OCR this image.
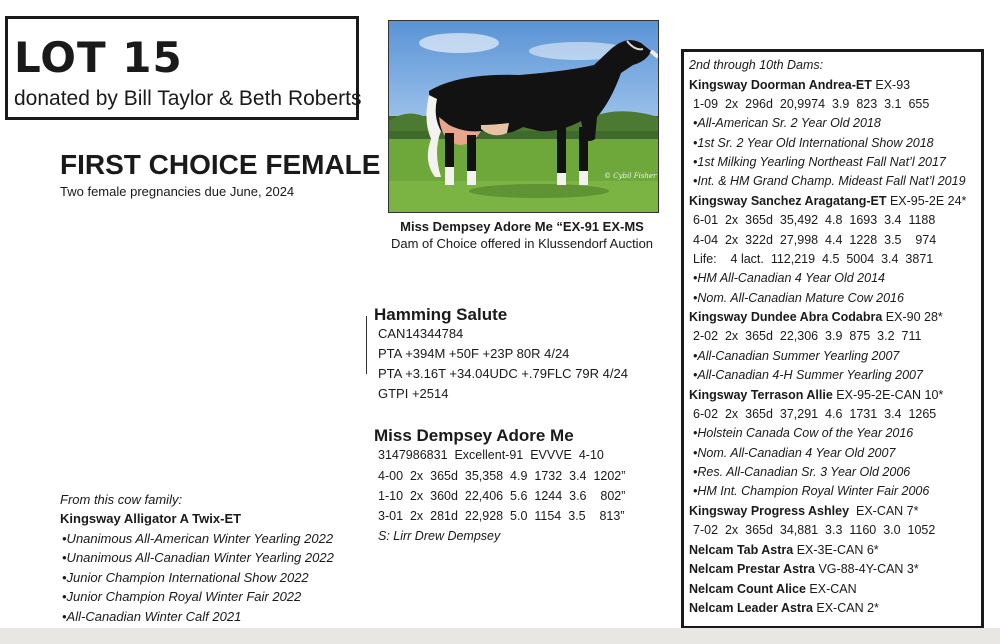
LOT 15
donated by Bill Taylor & Beth Roberts
FIRST CHOICE FEMALE
Two female pregnancies due June, 2024
© Cybil Fisher
Miss Dempsey Adore Me “EX-91 EX-MS
Dam of Choice offered in Klussendorf Auction
Hamming Salute
CAN14344784
PTA +394M +50F +23P 80R 4/24
PTA +3.16T +34.04UDC +.79FLC 79R 4/24
GTPI +2514
Miss Dempsey Adore Me
3147986831  Excellent-91  EVVVE  4-10
4-00  2x  365d  35,358  4.9  1732  3.4  1202”
1-10  2x  360d  22,406  5.6  1244  3.6    802”
3-01  2x  281d  22,928  5.0  1154  3.5    813”
S: Lirr Drew Dempsey
From this cow family:
Kingsway Alligator A Twix-ET
•Unanimous All-American Winter Yearling 2022
•Unanimous All-Canadian Winter Yearling 2022
•Junior Champion International Show 2022
•Junior Champion Royal Winter Fair 2022
•All-Canadian Winter Calf 2021
2nd through 10th Dams:
Kingsway Doorman Andrea-ET EX-93
1-09  2x  296d  20,9974  3.9  823  3.1  655
•All-American Sr. 2 Year Old 2018
•1st Sr. 2 Year Old International Show 2018
•1st Milking Yearling Northeast Fall Nat’l 2017
•Int. & HM Grand Champ. Mideast Fall Nat’l 2019
Kingsway Sanchez Aragatang-ET EX-95-2E 24*
6-01  2x  365d  35,492  4.8  1693  3.4  1188
4-04  2x  322d  27,998  4.4  1228  3.5    974
Life:    4 lact.  112,219  4.5  5004  3.4  3871
•HM All-Canadian 4 Year Old 2014
•Nom. All-Canadian Mature Cow 2016
Kingsway Dundee Abra Codabra EX-90 28*
2-02  2x  365d  22,306  3.9  875  3.2  711
•All-Canadian Summer Yearling 2007
•All-Canadian 4-H Summer Yearling 2007
Kingsway Terrason Allie EX-95-2E-CAN 10*
6-02  2x  365d  37,291  4.6  1731  3.4  1265
•Holstein Canada Cow of the Year 2016
•Nom. All-Canadian 4 Year Old 2007
•Res. All-Canadian Sr. 3 Year Old 2006
•HM Int. Champion Royal Winter Fair 2006
Kingsway Progress Ashley  EX-CAN 7*
7-02  2x  365d  34,881  3.3  1160  3.0  1052
Nelcam Tab Astra EX-3E-CAN 6*
Nelcam Prestar Astra VG-88-4Y-CAN 3*
Nelcam Count Alice EX-CAN
Nelcam Leader Astra EX-CAN 2*
